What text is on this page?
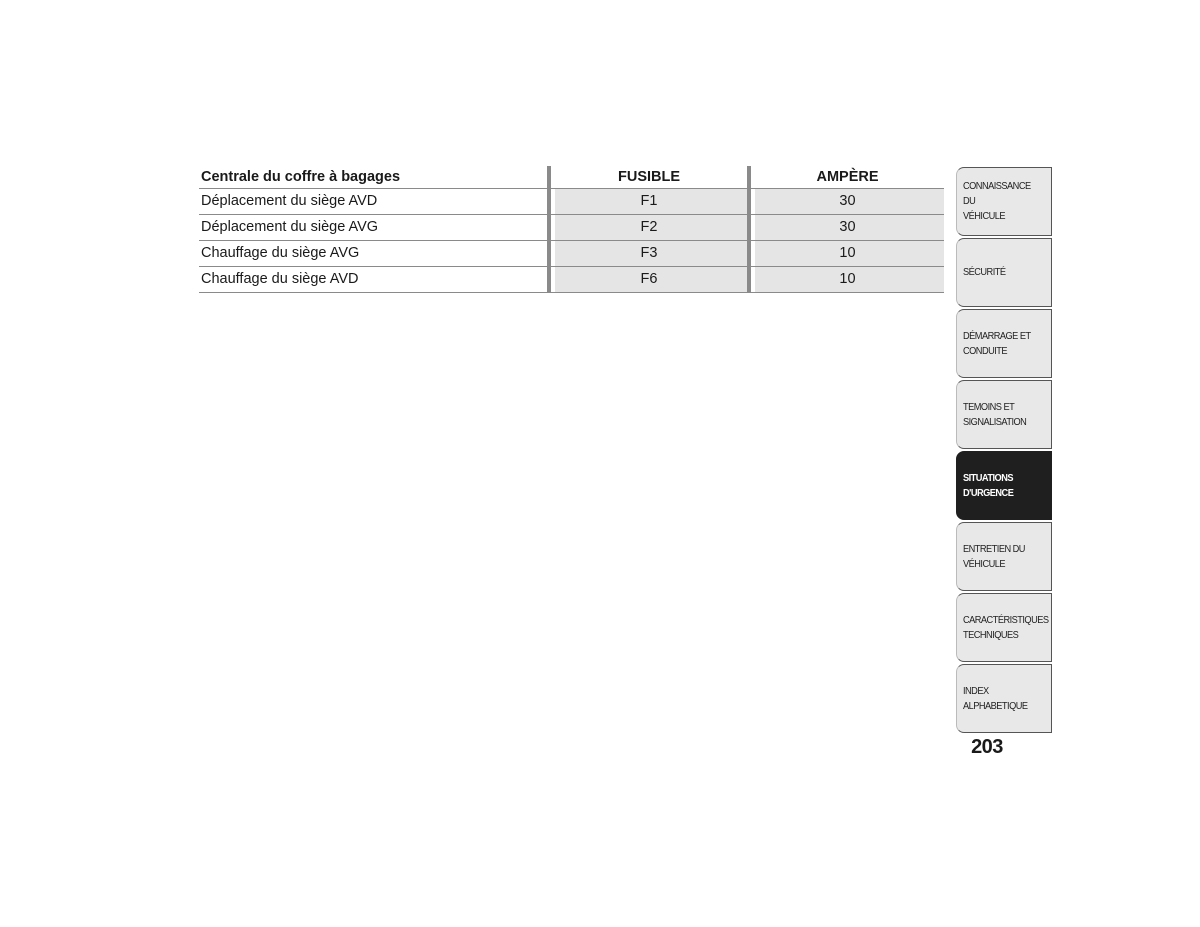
Centrale du coffre à bagages	FUSIBLE	AMPÈRE
Déplacement du siège AVD	F1	30
Déplacement du siège AVG	F2	30
Chauffage du siège AVG	F3	10
Chauffage du siège AVD	F6	10
CONNAISSANCE DU
VÉHICULE
SÉCURITÉ
DÉMARRAGE ET
CONDUITE
TEMOINS ET
SIGNALISATION
SITUATIONS
D'URGENCE
ENTRETIEN DU
VÉHICULE
CARACTÉRISTIQUES
TECHNIQUES
INDEX
ALPHABETIQUE
203
